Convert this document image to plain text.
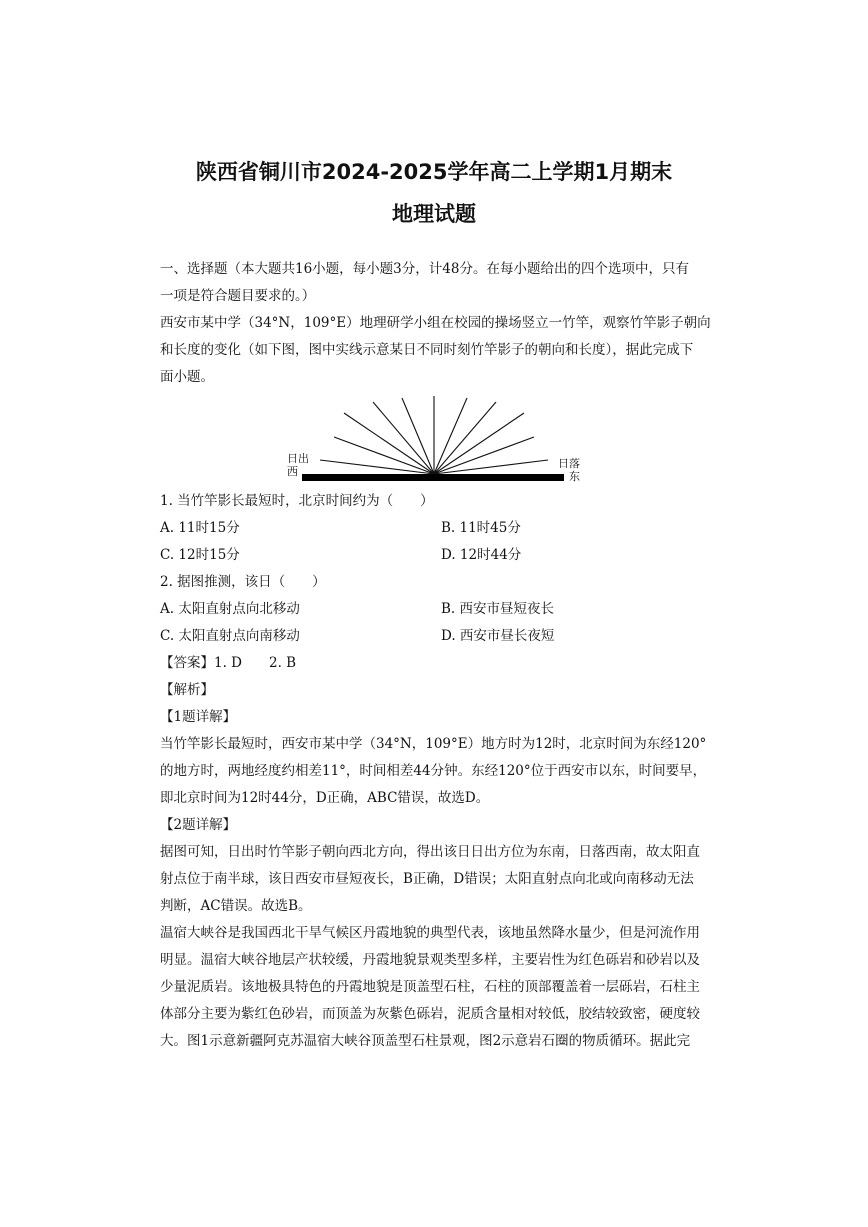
陕西省铜川市2024-2025学年高二上学期1月期末
地理试题
一、选择题（本大题共16小题，每小题3分，计48分。在每小题给出的四个选项中，只有
一项是符合题目要求的。）
西安市某中学（34°N，109°E）地理研学小组在校园的操场竖立一竹竿，观察竹竿影子朝向
和长度的变化（如下图，图中实线示意某日不同时刻竹竿影子的朝向和长度），据此完成下
面小题。
日出
西
日落
东
1. 当竹竿影长最短时，北京时间约为（　　）
A. 11时15分	B. 11时45分
C. 12时15分	D. 12时44分
2. 据图推测，该日（　　）
A. 太阳直射点向北移动	B. 西安市昼短夜长
C. 太阳直射点向南移动	D. 西安市昼长夜短
【答案】1. D　　2. B
【解析】
【1题详解】
当竹竿影长最短时，西安市某中学（34°N，109°E）地方时为12时，北京时间为东经120°
的地方时，两地经度约相差11°，时间相差44分钟。东经120°位于西安市以东，时间要早，
即北京时间为12时44分，D正确，ABC错误，故选D。
【2题详解】
据图可知，日出时竹竿影子朝向西北方向，得出该日日出方位为东南，日落西南，故太阳直
射点位于南半球，该日西安市昼短夜长，B正确，D错误；太阳直射点向北或向南移动无法
判断，AC错误。故选B。
温宿大峡谷是我国西北干旱气候区丹霞地貌的典型代表，该地虽然降水量少，但是河流作用
明显。温宿大峡谷地层产状较缓，丹霞地貌景观类型多样，主要岩性为红色砾岩和砂岩以及
少量泥质岩。该地极具特色的丹霞地貌是顶盖型石柱，石柱的顶部覆盖着一层砾岩，石柱主
体部分主要为紫红色砂岩，而顶盖为灰紫色砾岩，泥质含量相对较低，胶结较致密，硬度较
大。图1示意新疆阿克苏温宿大峡谷顶盖型石柱景观，图2示意岩石圈的物质循环。据此完
